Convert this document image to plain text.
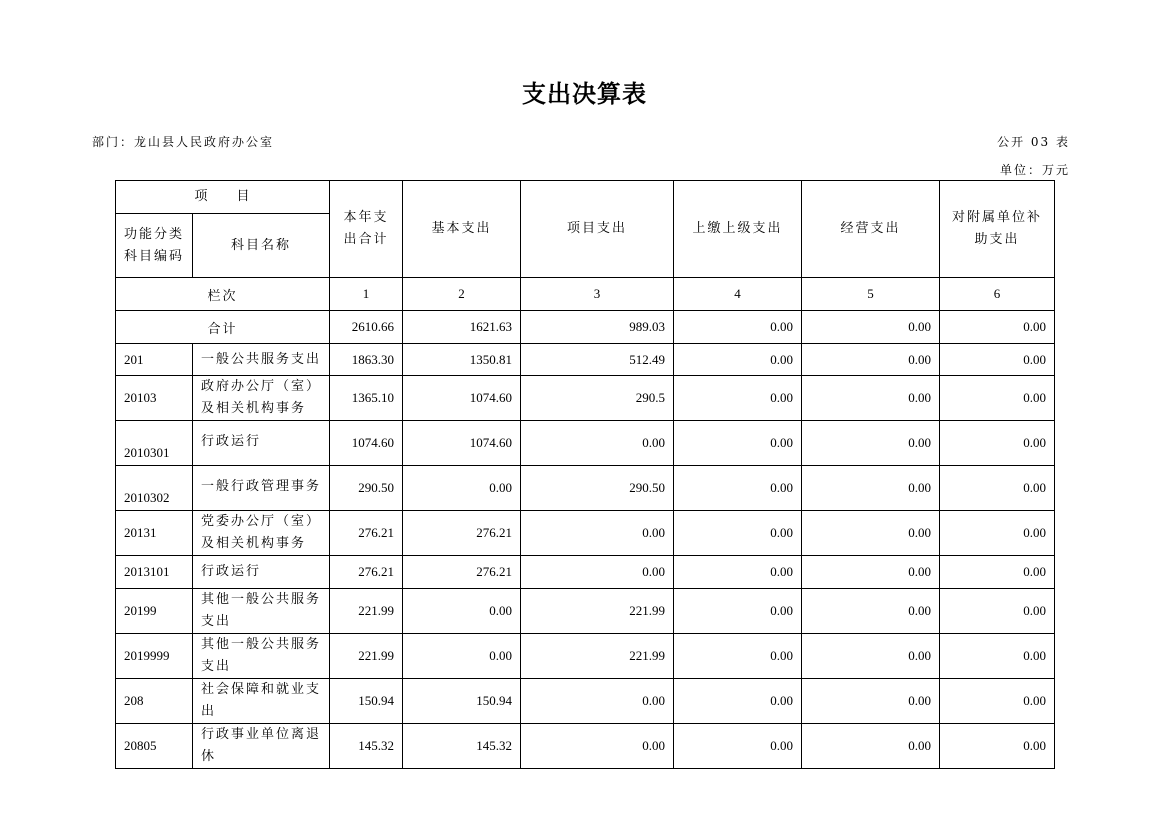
支出决算表
部门：龙山县人民政府办公室	公开 03 表
单位：万元
项　　目		本年支出合计	基本支出	项目支出	上缴上级支出	经营支出	对附属单位补助支出
功能分类科目编码	科目名称						
栏次		1	2	3	4	5	6
合计		2610.66	1621.63	989.03	0.00	0.00	0.00
201	一般公共服务支出	1863.30	1350.81	512.49	0.00	0.00	0.00
20103	政府办公厅（室）及相关机构事务	1365.10	1074.60	290.5	0.00	0.00	0.00
2010301	行政运行	1074.60	1074.60	0.00	0.00	0.00	0.00
2010302	一般行政管理事务	290.50	0.00	290.50	0.00	0.00	0.00
20131	党委办公厅（室）及相关机构事务	276.21	276.21	0.00	0.00	0.00	0.00
2013101	行政运行	276.21	276.21	0.00	0.00	0.00	0.00
20199	其他一般公共服务支出	221.99	0.00	221.99	0.00	0.00	0.00
2019999	其他一般公共服务支出	221.99	0.00	221.99	0.00	0.00	0.00
208	社会保障和就业支出	150.94	150.94	0.00	0.00	0.00	0.00
20805	行政事业单位离退休	145.32	145.32	0.00	0.00	0.00	0.00
